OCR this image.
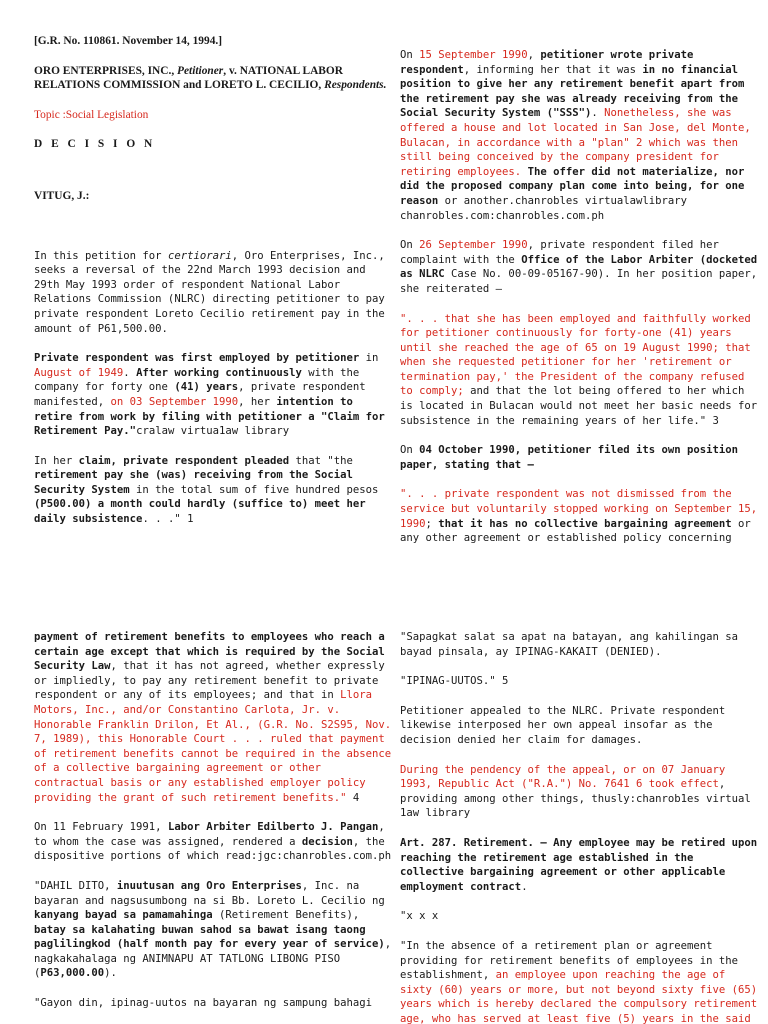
[G.R. No. 110861. November 14, 1994.]

ORO ENTERPRISES, INC., Petitioner, v. NATIONAL LABOR RELATIONS COMMISSION and LORETO L. CECILIO, Respondents.

Topic :Social Legislation

D E C I S I O N

VITUG, J.:

In this petition for certiorari, Oro Enterprises, Inc., seeks a reversal of the 22nd March 1993 decision and 29th May 1993 order of respondent National Labor Relations Commission (NLRC) directing petitioner to pay private respondent Loreto Cecilio retirement pay in the amount of P61,500.00.

Private respondent was first employed by petitioner in August of 1949. After working continuously with the company for forty one (41) years, private respondent manifested, on 03 September 1990, her intention to retire from work by filing with petitioner a "Claim for Retirement Pay."cralaw virtua1aw library

In her claim, private respondent pleaded that "the retirement pay she (was) receiving from the Social Security System in the total sum of five hundred pesos (P500.00) a month could hardly (suffice to) meet her daily subsistence. . ." 1

On 15 September 1990, petitioner wrote private respondent, informing her that it was in no financial position to give her any retirement benefit apart from the retirement pay she was already receiving from the Social Security System ("SSS"). Nonetheless, she was offered a house and lot located in San Jose, del Monte, Bulacan, in accordance with a "plan" 2 which was then still being conceived by the company president for retiring employees. The offer did not materialize, nor did the proposed company plan come into being, for one reason or another.chanrobles virtualawlibrary chanrobles.com:chanrobles.com.ph

On 26 September 1990, private respondent filed her complaint with the Office of the Labor Arbiter (docketed as NLRC Case No. 00-09-05167-90). In her position paper, she reiterated —

". . . that she has been employed and faithfully worked for petitioner continuously for forty-one (41) years until she reached the age of 65 on 19 August 1990; that when she requested petitioner for her 'retirement or termination pay,' the President of the company refused to comply; and that the lot being offered to her which is located in Bulacan would not meet her basic needs for subsistence in the remaining years of her life." 3

On 04 October 1990, petitioner filed its own position paper, stating that —

". . . private respondent was not dismissed from the service but voluntarily stopped working on September 15, 1990; that it has no collective bargaining agreement or any other agreement or established policy concerning

payment of retirement benefits to employees who reach a certain age except that which is required by the Social Security Law, that it has not agreed, whether expressly or impliedly, to pay any retirement benefit to private respondent or any of its employees; and that in Llora Motors, Inc., and/or Constantino Carlota, Jr. v. Honorable Franklin Drilon, Et Al., (G.R. No. S2S95, Nov. 7, 1989), this Honorable Court . . . ruled that payment of retirement benefits cannot be required in the absence of a collective bargaining agreement or other contractual basis or any established employer policy providing the grant of such retirement benefits." 4

On 11 February 1991, Labor Arbiter Edilberto J. Pangan, to whom the case was assigned, rendered a decision, the dispositive portions of which read:jgc:chanrobles.com.ph

"DAHIL DITO, inuutusan ang Oro Enterprises, Inc. na bayaran and nagsusumbong na si Bb. Loreto L. Cecilio ng kanyang bayad sa pamamahinga (Retirement Benefits), batay sa kalahating buwan sahod sa bawat isang taong paglilingkod (half month pay for every year of service), nagkakahalaga ng ANIMNAPU AT TATLONG LIBONG PISO (P63,000.00).

"Gayon din, ipinag-uutos na bayaran ng sampung bahagi

"Sapagkat salat sa apat na batayan, ang kahilingan sa bayad pinsala, ay IPINAG-KAKAIT (DENIED).

"IPINAG-UUTOS." 5

Petitioner appealed to the NLRC. Private respondent likewise interposed her own appeal insofar as the decision denied her claim for damages.

During the pendency of the appeal, or on 07 January 1993, Republic Act ("R.A.") No. 7641 6 took effect, providing among other things, thusly:chanrob1es virtual 1aw library

Art. 287. Retirement. — Any employee may be retired upon reaching the retirement age established in the collective bargaining agreement or other applicable employment contract.

"x x x

"In the absence of a retirement plan or agreement providing for retirement benefits of employees in the establishment, an employee upon reaching the age of sixty (60) years or more, but not beyond sixty five (65) years which is hereby declared the compulsory retirement age, who has served at least five (5) years in the said
